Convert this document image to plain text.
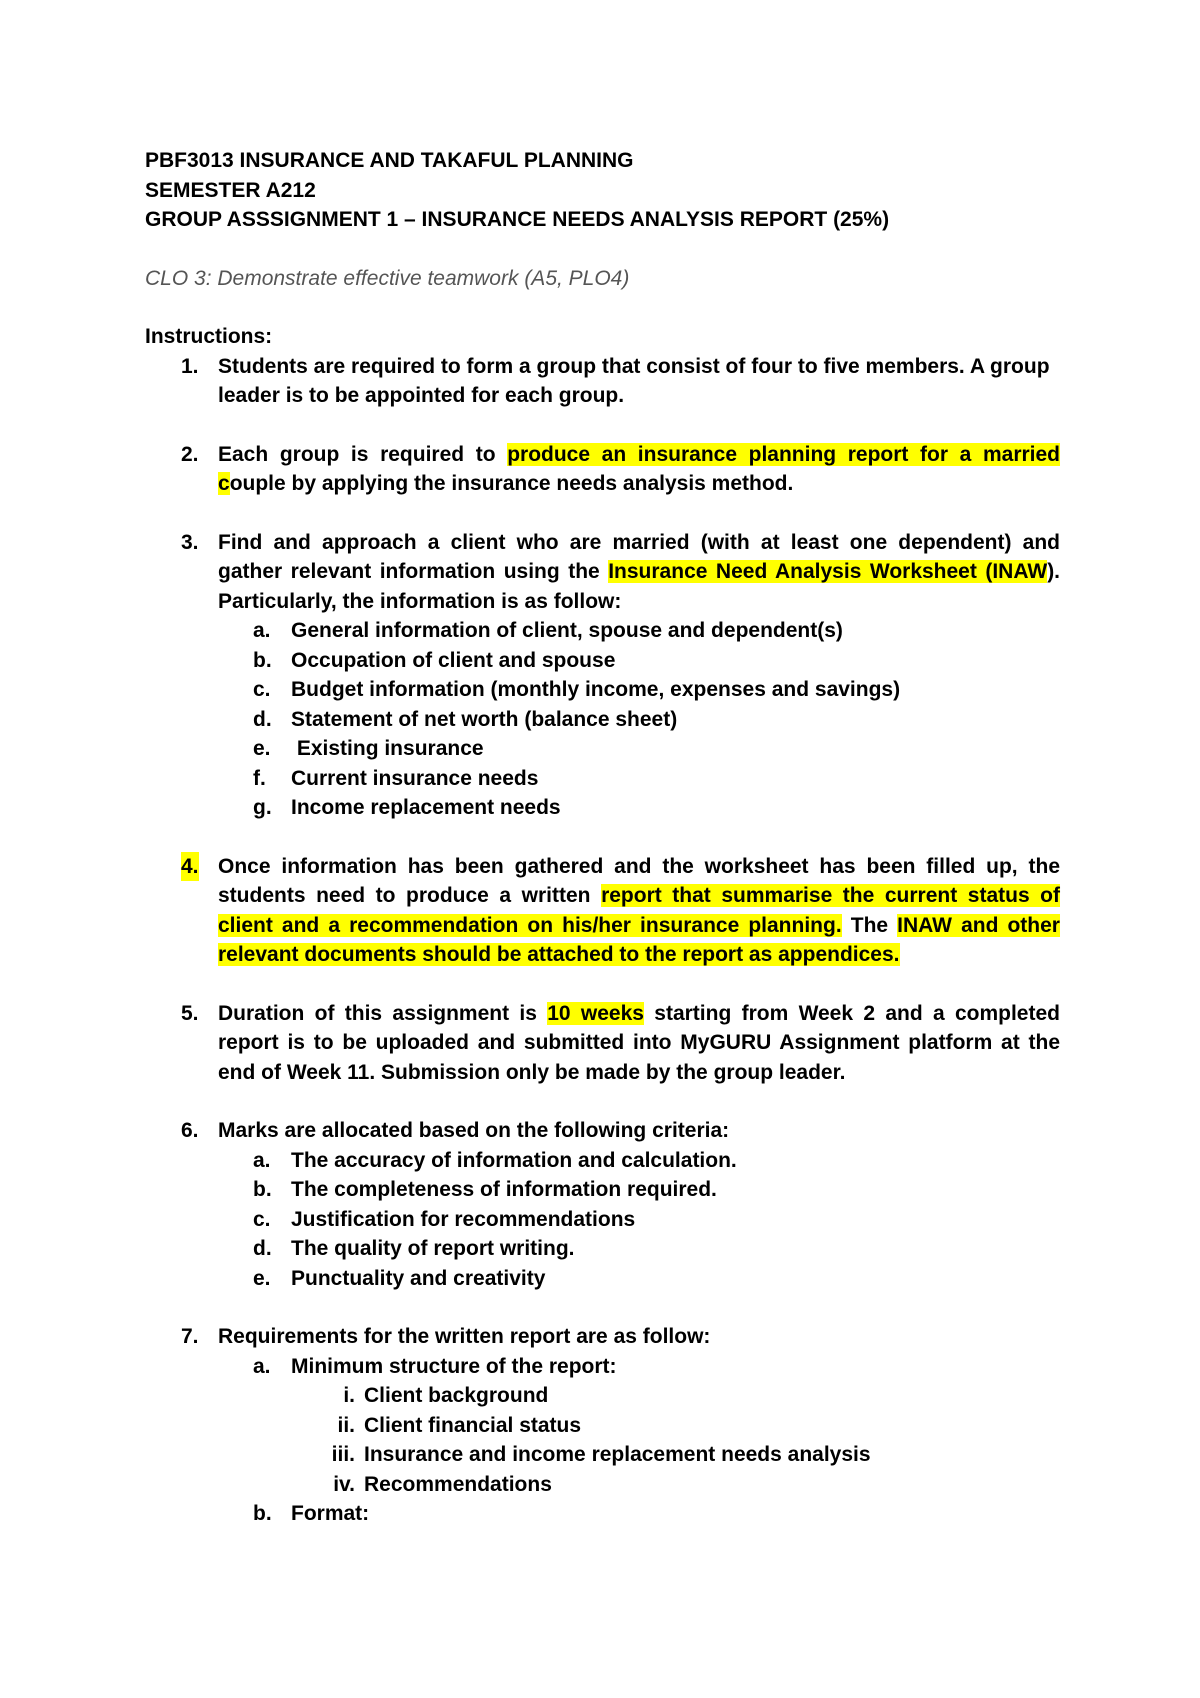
PBF3013 INSURANCE AND TAKAFUL PLANNING
SEMESTER A212
GROUP ASSSIGNMENT 1 – INSURANCE NEEDS ANALYSIS REPORT (25%)
CLO 3: Demonstrate effective teamwork (A5, PLO4)
Instructions:
1. Students are required to form a group that consist of four to five members. A group leader is to be appointed for each group.
2. Each group is required to produce an insurance planning report for a married couple by applying the insurance needs analysis method.
3. Find and approach a client who are married (with at least one dependent) and gather relevant information using the Insurance Need Analysis Worksheet (INAW). Particularly, the information is as follow:
a. General information of client, spouse and dependent(s)
b. Occupation of client and spouse
c. Budget information (monthly income, expenses and savings)
d. Statement of net worth (balance sheet)
e. Existing insurance
f. Current insurance needs
g. Income replacement needs
4. Once information has been gathered and the worksheet has been filled up, the students need to produce a written report that summarise the current status of client and a recommendation on his/her insurance planning. The INAW and other relevant documents should be attached to the report as appendices.
5. Duration of this assignment is 10 weeks starting from Week 2 and a completed report is to be uploaded and submitted into MyGURU Assignment platform at the end of Week 11. Submission only be made by the group leader.
6. Marks are allocated based on the following criteria:
a. The accuracy of information and calculation.
b. The completeness of information required.
c. Justification for recommendations
d. The quality of report writing.
e. Punctuality and creativity
7. Requirements for the written report are as follow:
a. Minimum structure of the report:
i. Client background
ii. Client financial status
iii. Insurance and income replacement needs analysis
iv. Recommendations
b. Format:
